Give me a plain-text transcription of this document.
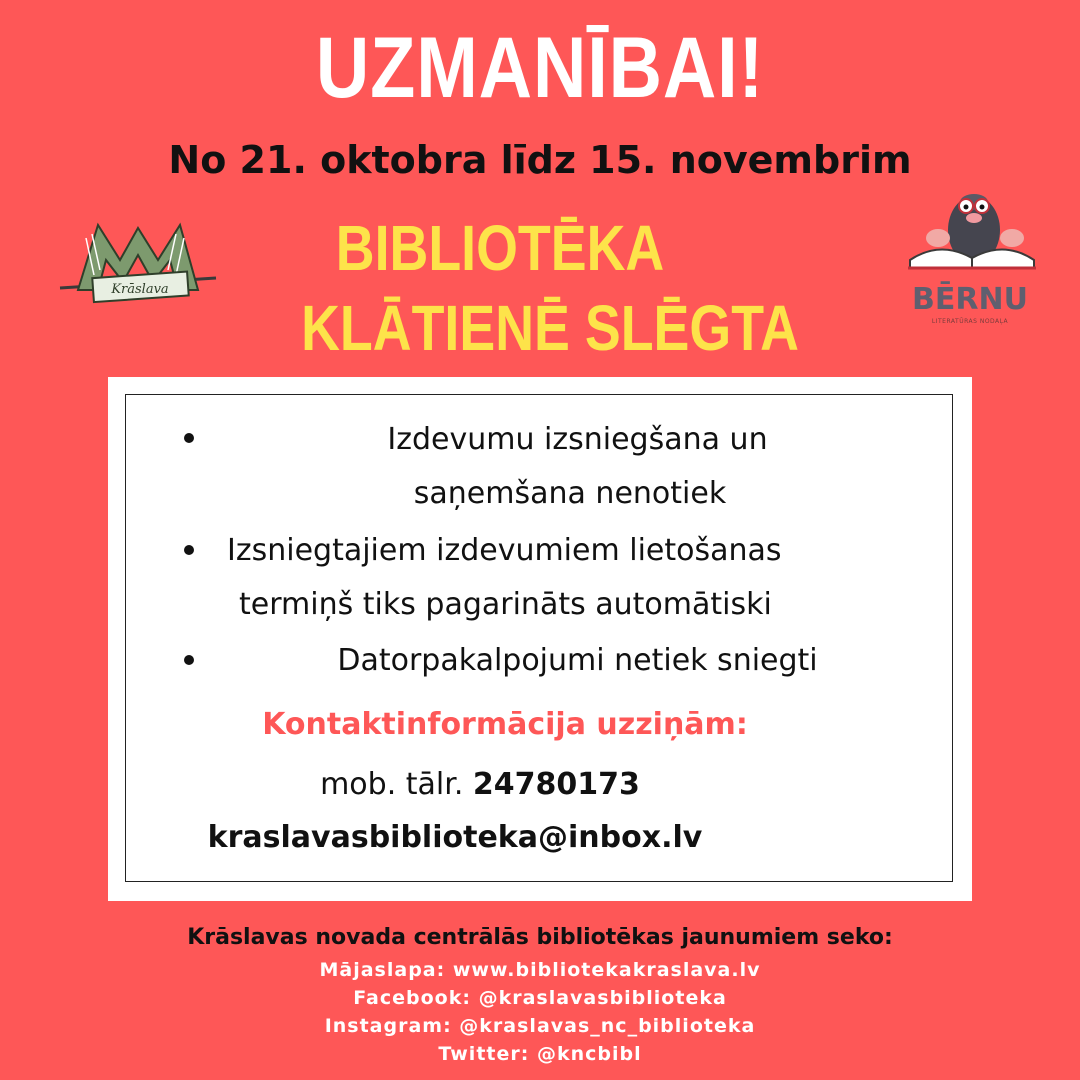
UZMANĪBAI!
No 21. oktobra līdz 15. novembrim
BIBLIOTĒKA
KLĀTIENĒ SLĒGTA
Krāslava	BĒRNU
LITERATŪRAS NODAĻA
Izdevumu izsniegšana un
saņemšana nenotiek
Izsniegtajiem izdevumiem lietošanas
termiņš tiks pagarināts automātiski
Datorpakalpojumi netiek sniegti
Kontaktinformācija uzziņām:
mob. tālr. 24780173
kraslavasbiblioteka@inbox.lv
Krāslavas novada centrālās bibliotēkas jaunumiem seko:
Mājaslapa: www.bibliotekakraslava.lv
Facebook: @kraslavasbiblioteka
Instagram: @kraslavas_nc_biblioteka
Twitter: @kncbibl
